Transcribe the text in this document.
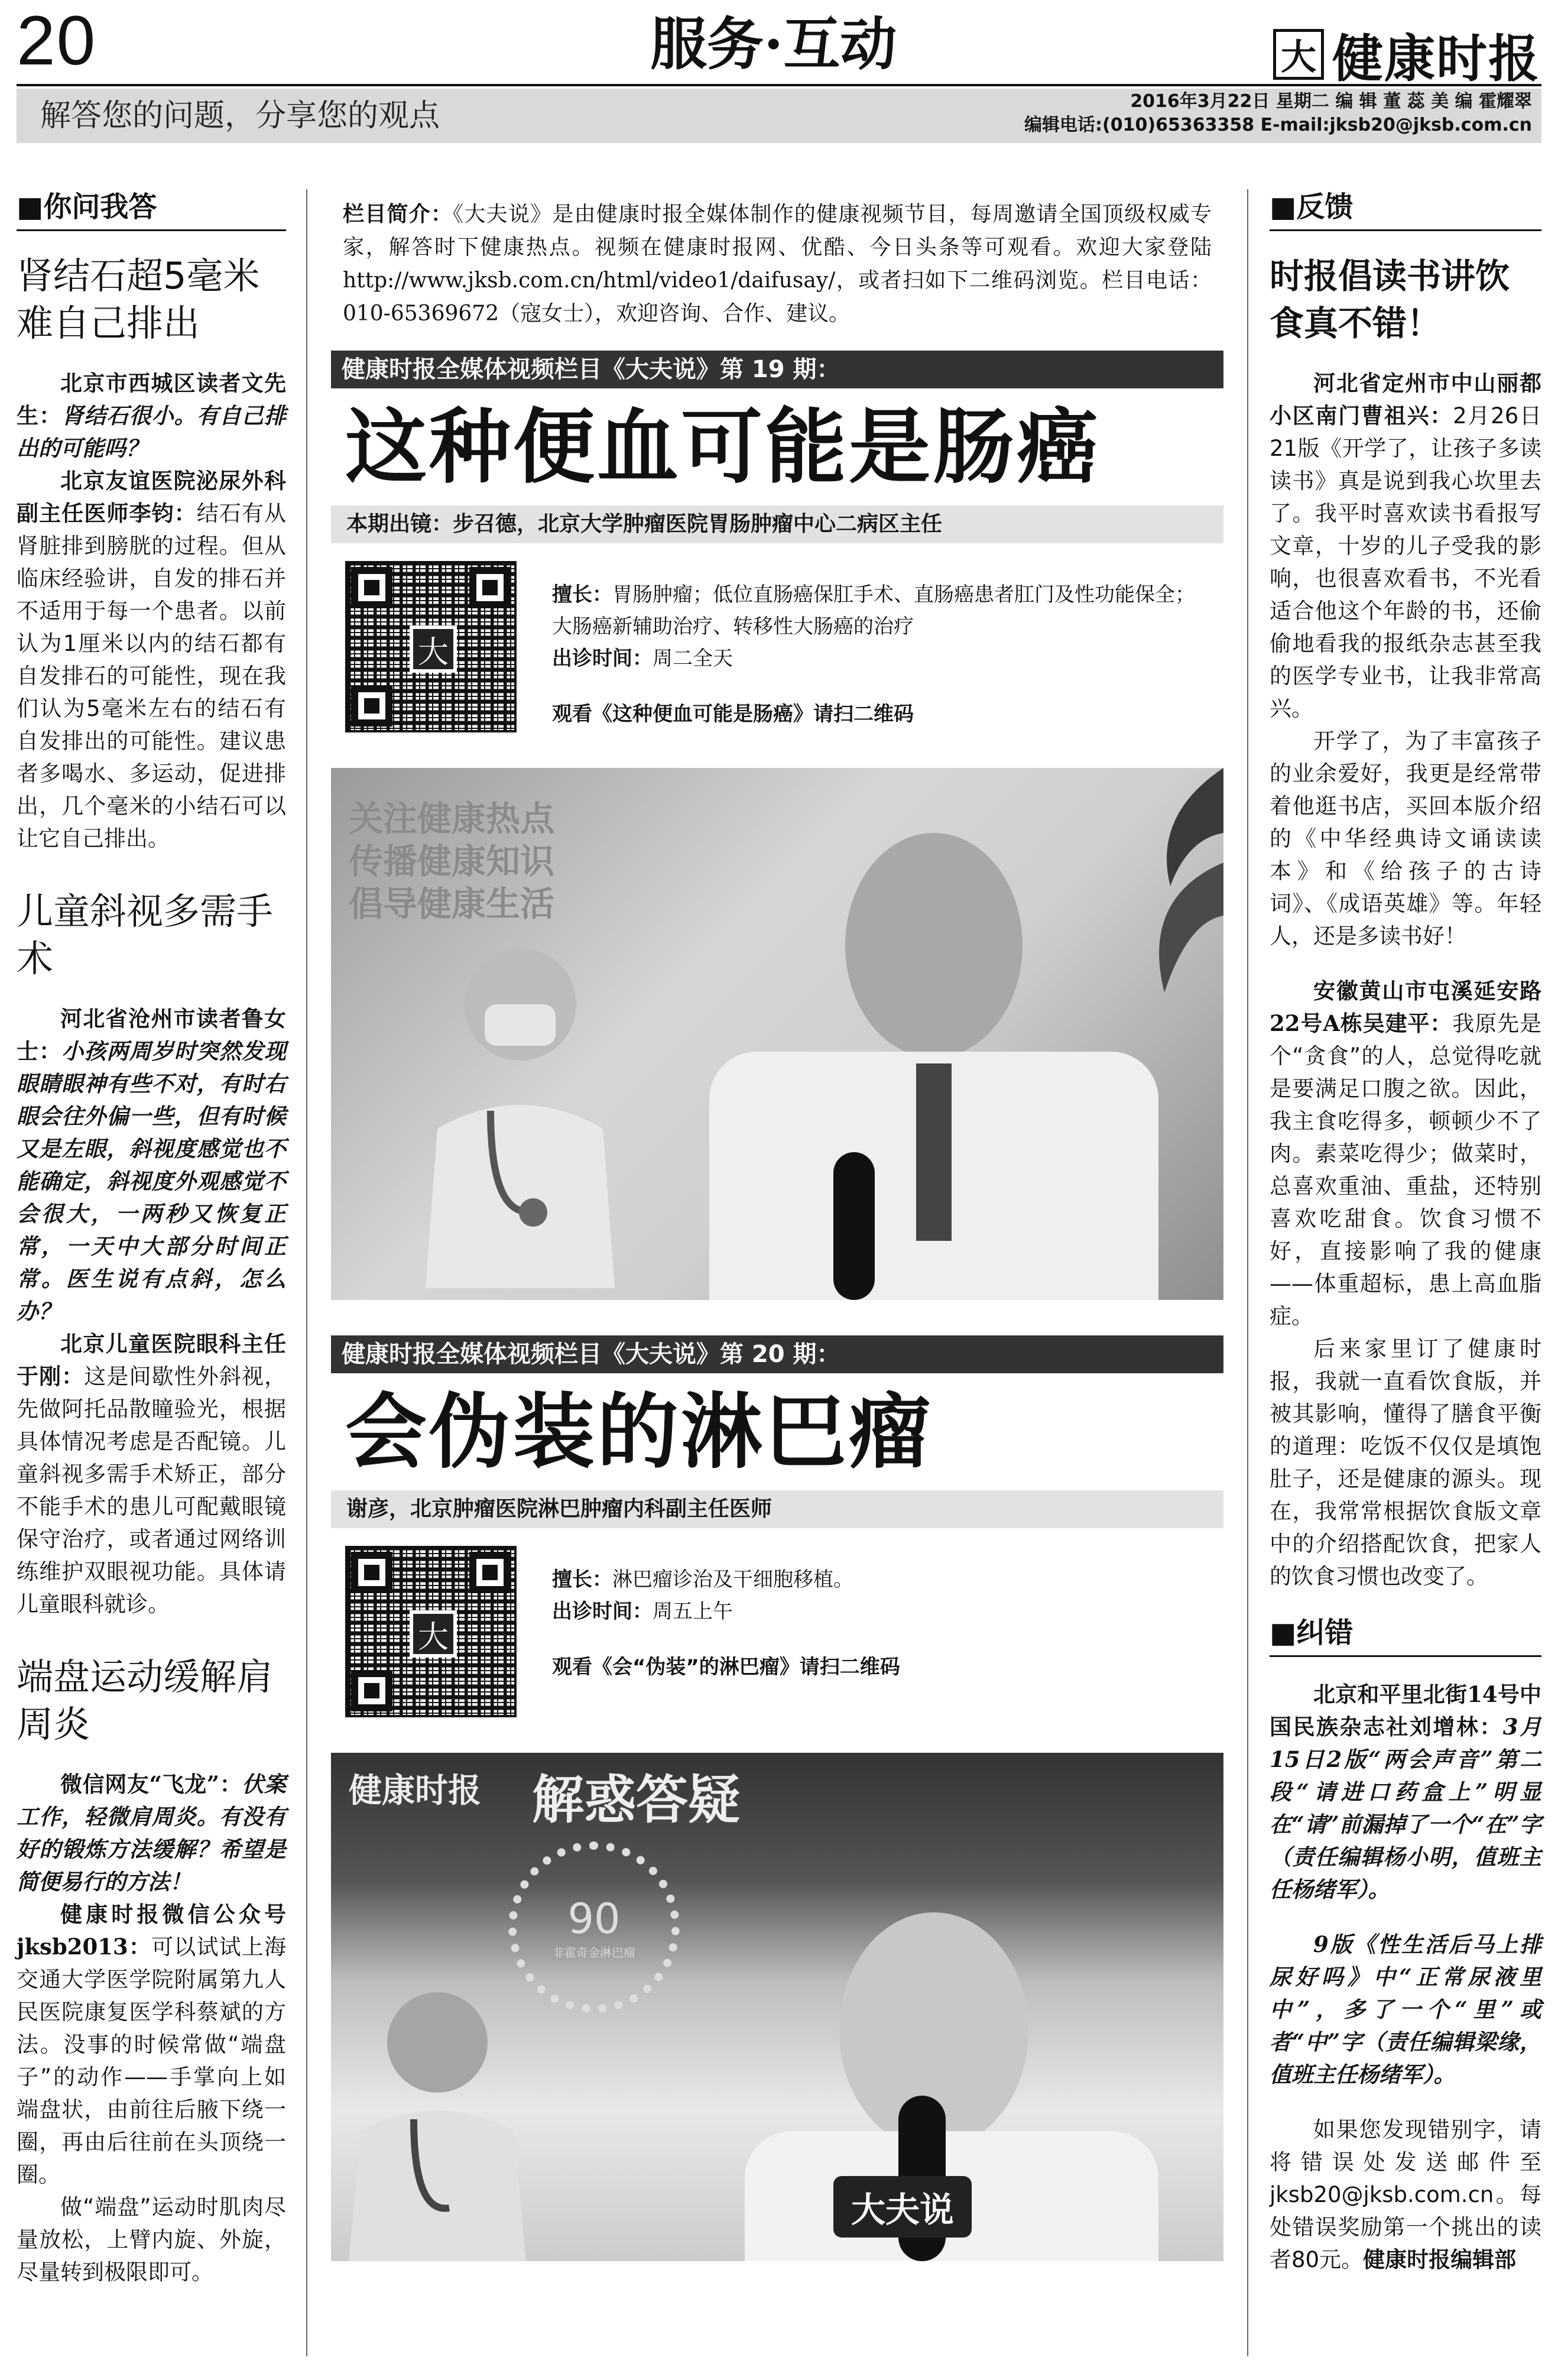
20	服务·互动	大 健康时报
解答您的问题，分享您的观点	2016年3月22日 星期二 编 辑 董 蕊 美 编 霍耀翠
编辑电话:(010)65363358 E-mail:jksb20@jksb.com.cn
■你问我答
肾结石超5毫米难自己排出

北京市西城区读者文先生：肾结石很小。有自己排出的可能吗？

北京友谊医院泌尿外科副主任医师李钧：结石有从肾脏排到膀胱的过程。但从临床经验讲，自发的排石并不适用于每一个患者。以前认为1厘米以内的结石都有自发排石的可能性，现在我们认为5毫米左右的结石有自发排出的可能性。建议患者多喝水、多运动，促进排出，几个毫米的小结石可以让它自己排出。

儿童斜视多需手术

河北省沧州市读者鲁女士：小孩两周岁时突然发现眼睛眼神有些不对，有时右眼会往外偏一些，但有时候又是左眼，斜视度感觉也不能确定，斜视度外观感觉不会很大，一两秒又恢复正常，一天中大部分时间正常。医生说有点斜，怎么办？

北京儿童医院眼科主任于刚：这是间歇性外斜视，先做阿托品散瞳验光，根据具体情况考虑是否配镜。儿童斜视多需手术矫正，部分不能手术的患儿可配戴眼镜保守治疗，或者通过网络训练维护双眼视功能。具体请儿童眼科就诊。

端盘运动缓解肩周炎

微信网友“飞龙”：伏案工作，轻微肩周炎。有没有好的锻炼方法缓解？希望是简便易行的方法！

健康时报微信公众号jksb2013：可以试试上海交通大学医学院附属第九人民医院康复医学科蔡斌的方法。没事的时候常做“端盘子”的动作——手掌向上如端盘状，由前往后腋下绕一圈，再由后往前在头顶绕一圈。

做“端盘”运动时肌肉尽量放松，上臂内旋、外旋，尽量转到极限即可。

栏目简介：《大夫说》是由健康时报全媒体制作的健康视频节目，每周邀请全国顶级权威专家，解答时下健康热点。视频在健康时报网、优酷、今日头条等可观看。欢迎大家登陆http://www.jksb.com.cn/html/video1/daifusay/，或者扫如下二维码浏览。栏目电话：010-65369672（寇女士），欢迎咨询、合作、建议。
健康时报全媒体视频栏目《大夫说》第 19 期：
这种便血可能是肠癌
本期出镜：步召德，北京大学肿瘤医院胃肠肿瘤中心二病区主任
大
擅长：胃肠肿瘤；低位直肠癌保肛手术、直肠癌患者肛门及性功能保全；大肠癌新辅助治疗、转移性大肠癌的治疗
出诊时间：周二全天
观看《这种便血可能是肠癌》请扫二维码
关注健康热点
传播健康知识
倡导健康生活
健康时报全媒体视频栏目《大夫说》第 20 期：
会伪装的淋巴瘤
谢彦，北京肿瘤医院淋巴肿瘤内科副主任医师
大
擅长：淋巴瘤诊治及干细胞移植。
出诊时间：周五上午
观看《会“伪装”的淋巴瘤》请扫二维码
健康时报 解惑答疑
90
非霍奇金淋巴瘤
大夫说
■反馈
时报倡读书讲饮食真不错！

河北省定州市中山丽都小区南门曹祖兴：2月26日21版《开学了，让孩子多读读书》真是说到我心坎里去了。我平时喜欢读书看报写文章，十岁的儿子受我的影响，也很喜欢看书，不光看适合他这个年龄的书，还偷偷地看我的报纸杂志甚至我的医学专业书，让我非常高兴。

开学了，为了丰富孩子的业余爱好，我更是经常带着他逛书店，买回本版介绍的《中华经典诗文诵读读本》和《给孩子的古诗词》、《成语英雄》等。年轻人，还是多读书好！

安徽黄山市屯溪延安路22号A栋吴建平：我原先是个“贪食”的人，总觉得吃就是要满足口腹之欲。因此，我主食吃得多，顿顿少不了肉。素菜吃得少；做菜时，总喜欢重油、重盐，还特别喜欢吃甜食。饮食习惯不好，直接影响了我的健康——体重超标，患上高血脂症。

后来家里订了健康时报，我就一直看饮食版，并被其影响，懂得了膳食平衡的道理：吃饭不仅仅是填饱肚子，还是健康的源头。现在，我常常根据饮食版文章中的介绍搭配饮食，把家人的饮食习惯也改变了。

■纠错

北京和平里北街14号中国民族杂志社刘增林：3月15日2版“两会声音”第二段“请进口药盒上”明显在“请”前漏掉了一个“在”字（责任编辑杨小明，值班主任杨绪军）。

9版《性生活后马上排尿好吗》中“正常尿液里中”，多了一个“里”或者“中”字（责任编辑梁缘，值班主任杨绪军）。

如果您发现错别字，请将错误处发送邮件至jksb20@jksb.com.cn。每处错误奖励第一个挑出的读者80元。健康时报编辑部
